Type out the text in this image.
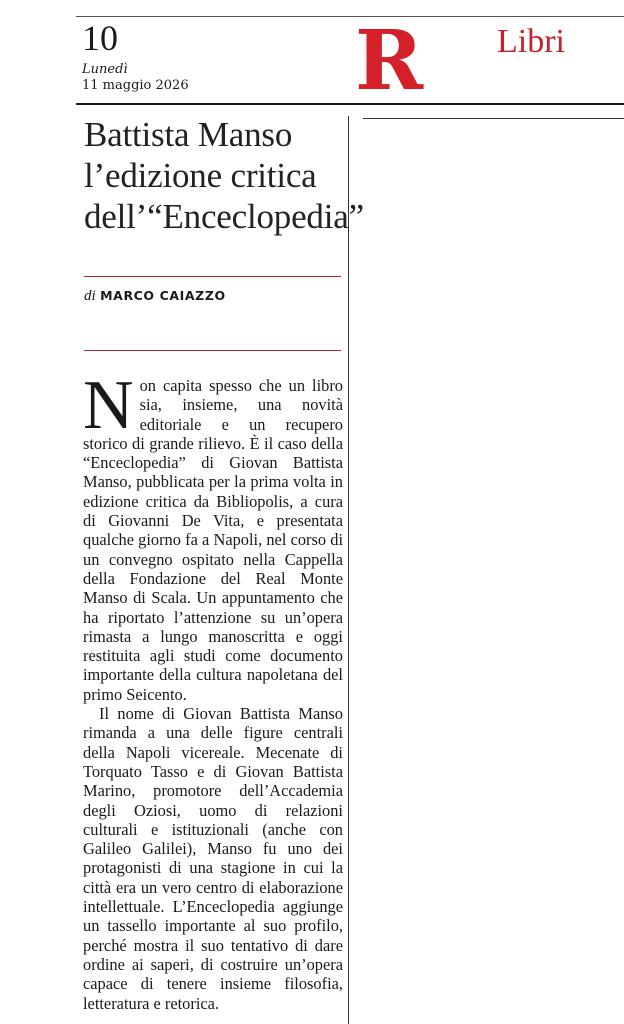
10
Lunedì
11 maggio 2026 R Libri
Battista Manso
l’edizione critica
dell’“Enceclopedia”
di MARCO CAIAZZO

Non capita spesso che un libro sia, insieme, una novità editoriale e un recupero storico di grande rilievo. È il caso della “Enceclopedia” di Giovan Battista Manso, pubblicata per la prima volta in edizione critica da Bibliopolis, a cura di Giovanni De Vita, e presentata qualche giorno fa a Napoli, nel corso di un convegno ospitato nella Cappella della Fondazione del Real Monte Manso di Scala. Un appuntamento che ha riportato l’attenzione su un’opera rimasta a lungo manoscritta e oggi restituita agli studi come documento importante della cultura napoletana del primo Seicento.

Il nome di Giovan Battista Manso rimanda a una delle figure centrali della Napoli vicereale. Mecenate di Torquato Tasso e di Giovan Battista Marino, promotore dell’Accademia degli Oziosi, uomo di relazioni culturali e istituzionali (anche con Galileo Galilei), Manso fu uno dei protagonisti di una stagione in cui la città era un vero centro di elaborazione intellettuale. L’Enceclopedia aggiunge un tassello importante al suo profilo, perché mostra il suo tentativo di dare ordine ai saperi, di costruire un’opera capace di tenere insieme filosofia, letteratura e retorica.
